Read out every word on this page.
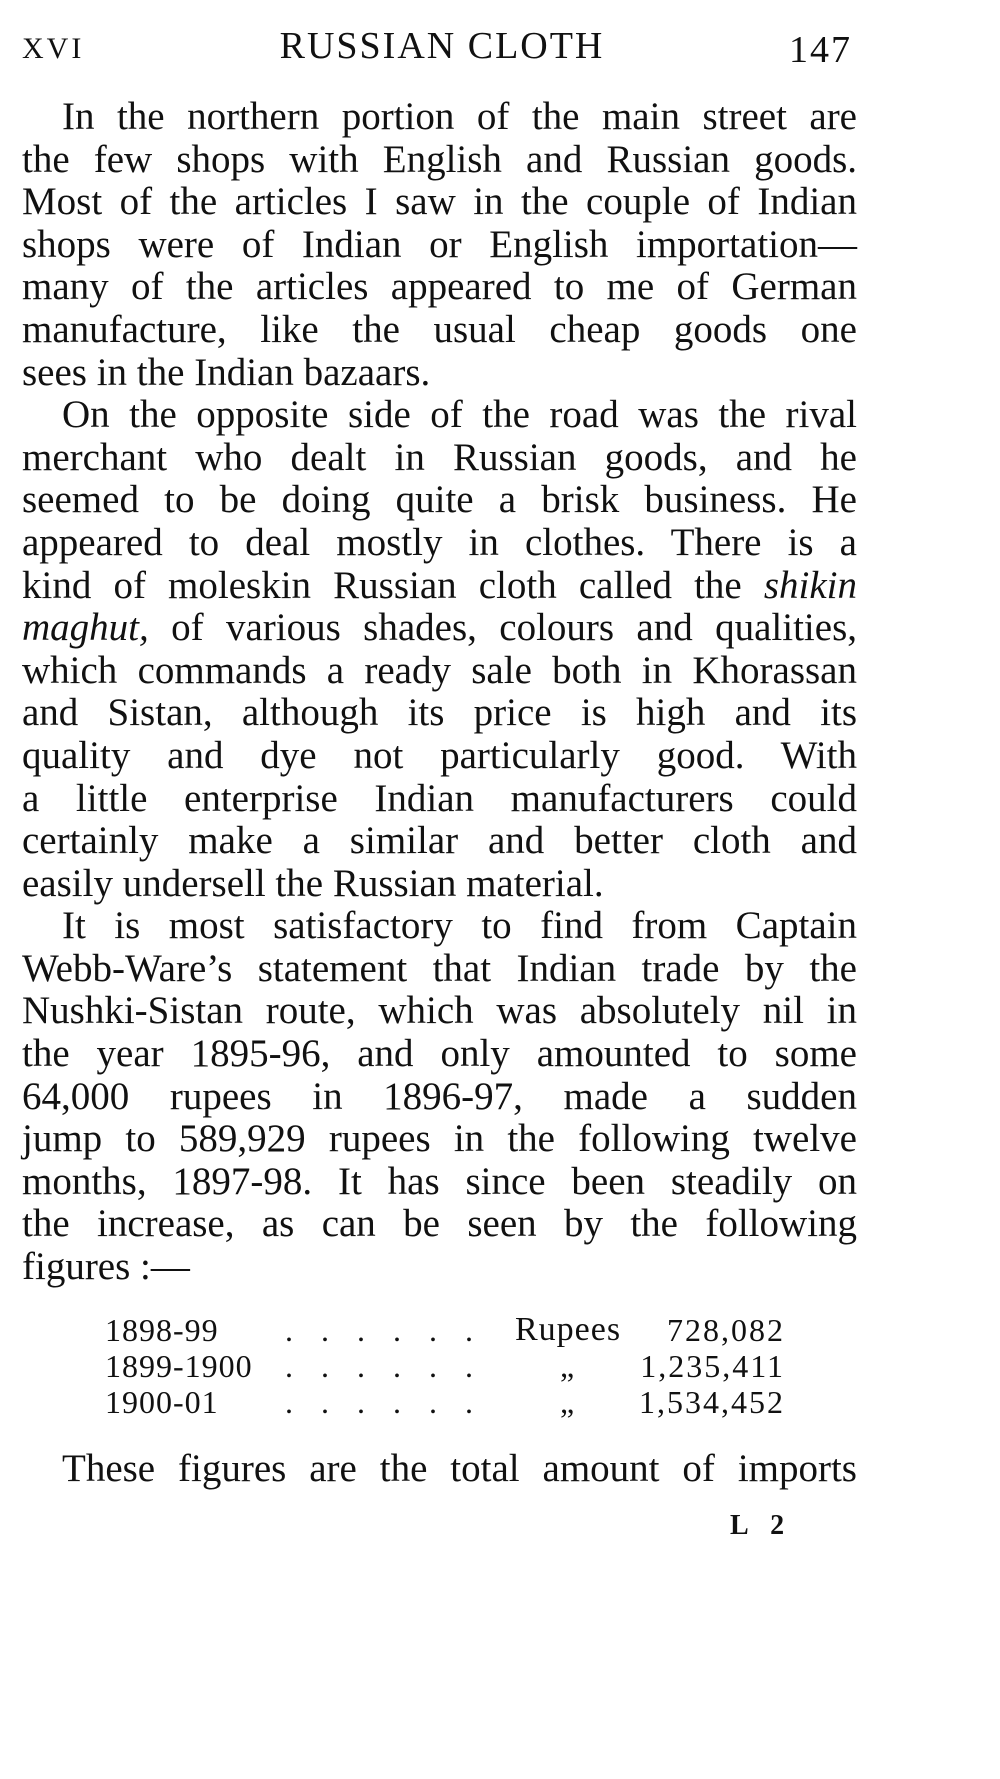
XVI	RUSSIAN CLOTH	147
In the northern portion of the main street are
the few shops with English and Russian goods.
Most of the articles I saw in the couple of Indian
shops were of Indian or English importation—
many of the articles appeared to me of German
manufacture, like the usual cheap goods one
sees in the Indian bazaars.
On the opposite side of the road was the rival
merchant who dealt in Russian goods, and he
seemed to be doing quite a brisk business. He
appeared to deal mostly in clothes. There is a
kind of moleskin Russian cloth called the shikin
maghut, of various shades, colours and qualities,
which commands a ready sale both in Khorassan
and Sistan, although its price is high and its
quality and dye not particularly good. With
a little enterprise Indian manufacturers could
certainly make a similar and better cloth and
easily undersell the Russian material.
It is most satisfactory to find from Captain
Webb-Ware’s statement that Indian trade by the
Nushki-Sistan route, which was absolutely nil in
the year 1895-96, and only amounted to some
64,000 rupees in 1896-97, made a sudden
jump to 589,929 rupees in the following twelve
months, 1897-98. It has since been steadily on
the increase, as can be seen by the following
figures :—
1898-99 . . . . . . Rupees 728,082
1899-1900 . . . . . . „ 1,235,411
1900-01 . . . . . . „ 1,534,452
These figures are the total amount of imports
L 2
